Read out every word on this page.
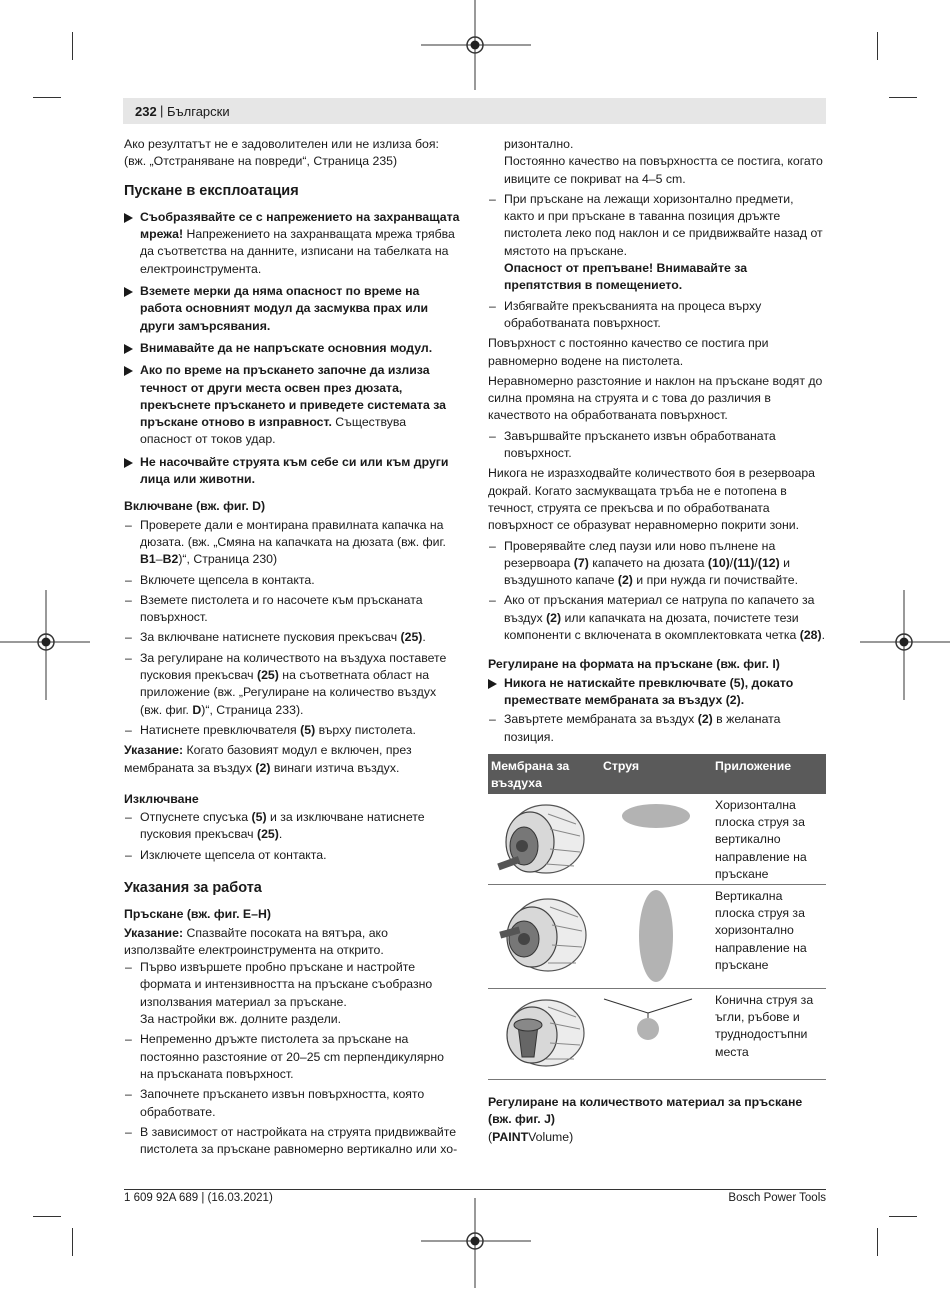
232 | Български

Ако резултатът не е задоволителен или не излиза боя: (вж. „Отстраняване на повреди“, Страница 235)

Пускане в експлоатация
Съобразявайте се с напрежението на захранващата мрежа! Напрежението на захранващата мрежа трябва да съответства на данните, изписани на табелката на електроинструмента.
Вземете мерки да няма опасност по време на работа основният модул да засмуква прах или други замърсявания.
Внимавайте да не напръскате основния модул.
Ако по време на пръскането започне да излиза течност от други места освен през дюзата, прекъснете пръскането и приведете системата за пръскане отново в изправност. Съществува опасност от токов удар.
Не насочвайте струята към себе си или към други лица или животни.
Включване (вж. фиг. D)
– Проверете дали е монтирана правилната капачка на дюзата. (вж. „Смяна на капачката на дюзата (вж. фиг. B1–B2)“, Страница 230)
– Включете щепсела в контакта.
– Вземете пистолета и го насочете към пръсканата повърхност.
– За включване натиснете пусковия прекъсвач (25).
– За регулиране на количеството на въздуха поставете пусковия прекъсвач (25) на съответната област на приложение (вж. „Регулиране на количество въздух (вж. фиг. D)“, Страница 233).
– Натиснете превключвателя (5) върху пистолета.

Указание: Когато базовият модул е включен, през мембраната за въздух (2) винаги изтича въздух.

Изключване
– Отпуснете спусъка (5) и за изключване натиснете пусковия прекъсвач (25).
– Изключете щепсела от контакта.
Указания за работа
Пръскане (вж. фиг. E–H)

Указание: Спазвайте посоката на вятъра, ако използвайте електроинструмента на открито.

– Първо извършете пробно пръскане и настройте формата и интензивността на пръскане съобразно използвания материал за пръскане.
За настройки вж. долните раздели.
– Непременно дръжте пистолета за пръскане на постоянно разстояние от 20–25 cm перпендикулярно на пръсканата повърхност.
– Започнете пръскането извън повърхността, която обработвате.
– В зависимост от настройката на струята придвижвайте пистолета за пръскане равномерно вертикално или хо-

ризонтално.

Постоянно качество на повърхността се постига, когато ивиците се покриват на 4–5 cm.

– При пръскане на лежащи хоризонтално предмети, както и при пръскане в таванна позиция дръжте пистолета леко под наклон и се придвижвайте назад от мястото на пръскане.
Опасност от препъване! Внимавайте за препятствия в помещението.
– Избягвайте прекъсванията на процеса върху обработваната повърхност.

Повърхност с постоянно качество се постига при равномерно водене на пистолета.

Неравномерно разстояние и наклон на пръскане водят до силна промяна на струята и с това до различия в качеството на обработваната повърхност.

– Завършвайте пръскането извън обработваната повърхност.

Никога не изразходвайте количеството боя в резервоара докрай. Когато засмукващата тръба не е потопена в течност, струята се прекъсва и по обработваната повърхност се образуват неравномерно покрити зони.

– Проверявайте след паузи или ново пълнене на резервоара (7) капачето на дюзата (10)/(11)/(12) и въздушното капаче (2) и при нужда ги почиствайте.
– Ако от пръскания материал се натрупа по капачето за въздух (2) или капачката на дюзата, почистете тези компоненти с включената в окомплектовката четка (28).
Регулиране на формата на пръскане (вж. фиг. I)
Никога не натискайте превключвате (5), докато премествате мембраната за въздух (2).
– Завъртете мембраната за въздух (2) в желаната позиция.
Мембрана за въздуха
Струя	Приложение
Хоризонтална плоска струя за вертикално направление на пръскане
Вертикална плоска струя за хоризонтално направление на пръскане
Конична струя за ъгли, ръбове и труднодостъпни места
Регулиране на количеството материал за пръскане (вж. фиг. J)

(PAINTVolume)

1 609 92A 689 | (16.03.2021)	Bosch Power Tools
